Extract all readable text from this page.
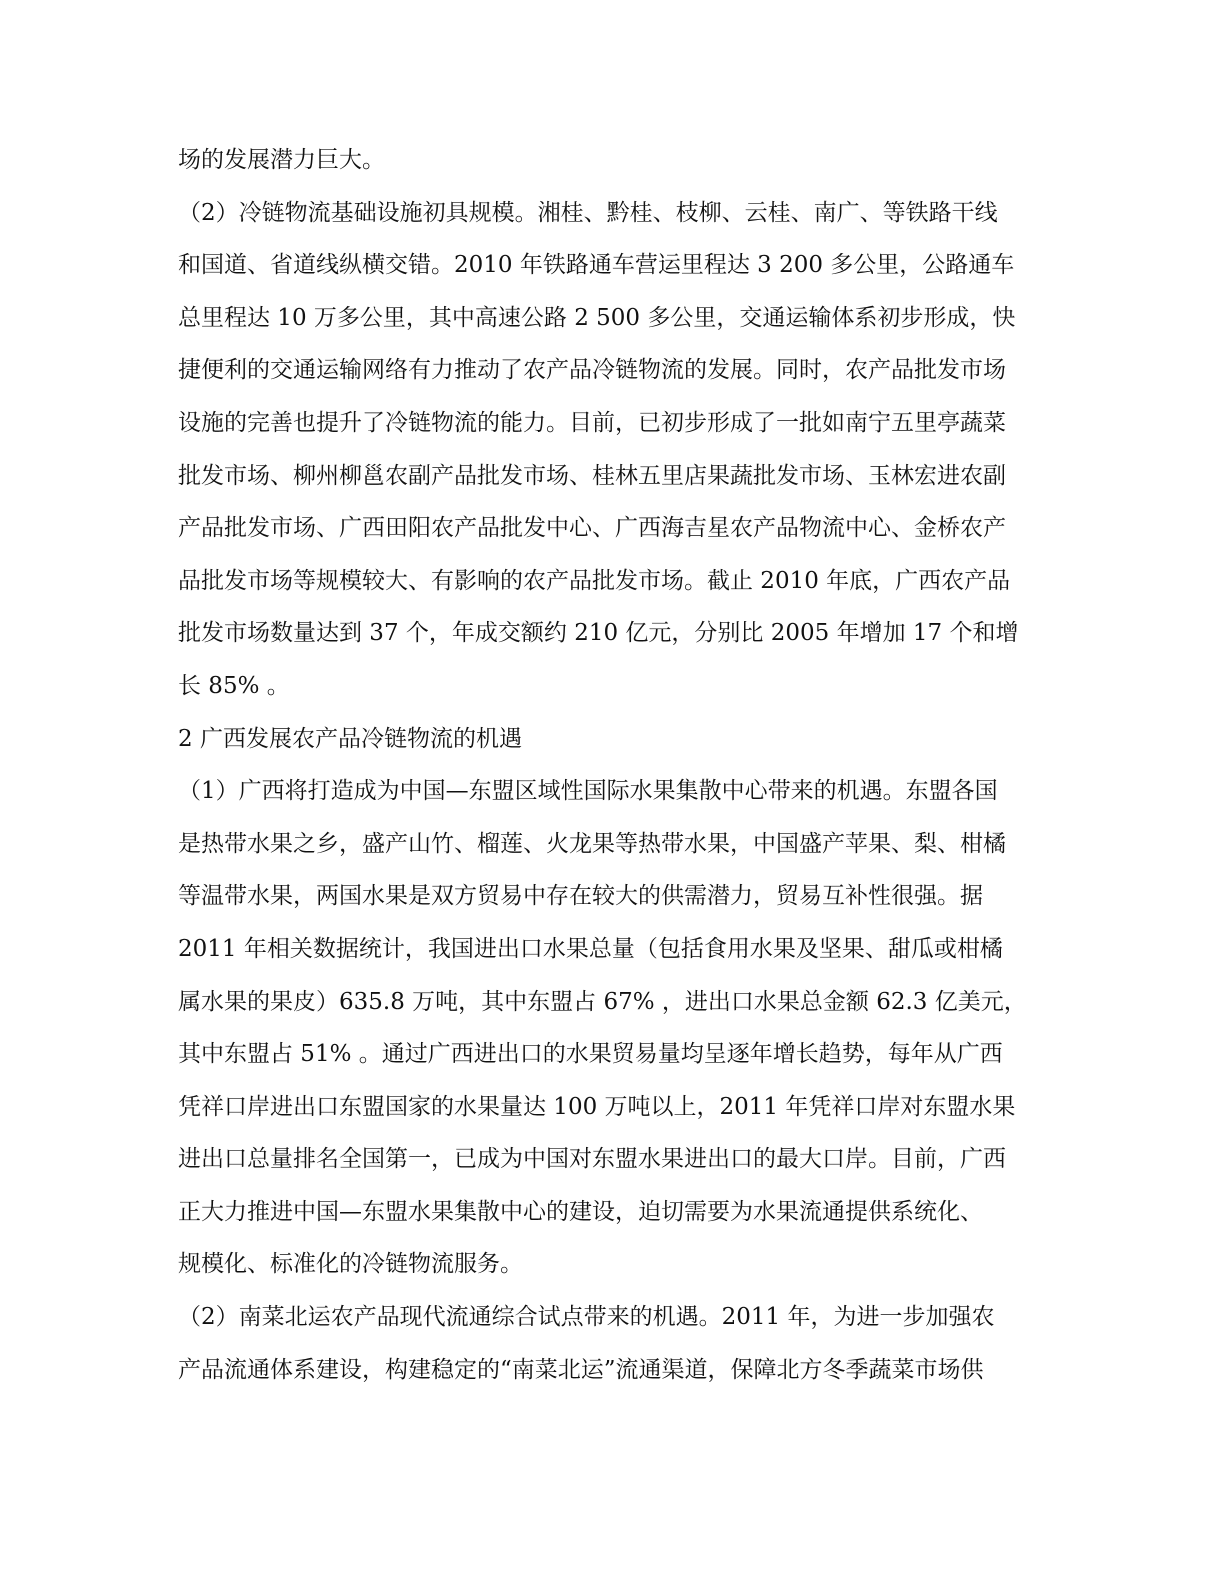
场的发展潜力巨大。
（2）冷链物流基础设施初具规模。湘桂、黔桂、枝柳、云桂、南广、等铁路干线
和国道、省道线纵横交错。2010 年铁路通车营运里程达 3 200 多公里，公路通车
总里程达 10 万多公里，其中高速公路 2 500 多公里，交通运输体系初步形成，快
捷便利的交通运输网络有力推动了农产品冷链物流的发展。同时，农产品批发市场
设施的完善也提升了冷链物流的能力。目前，已初步形成了一批如南宁五里亭蔬菜
批发市场、柳州柳邕农副产品批发市场、桂林五里店果蔬批发市场、玉林宏进农副
产品批发市场、广西田阳农产品批发中心、广西海吉星农产品物流中心、金桥农产
品批发市场等规模较大、有影响的农产品批发市场。截止 2010 年底，广西农产品
批发市场数量达到 37 个，年成交额约 210 亿元，分别比 2005 年增加 17 个和增
长 85% 。
2 广西发展农产品冷链物流的机遇
（1）广西将打造成为中国—东盟区域性国际水果集散中心带来的机遇。东盟各国
是热带水果之乡，盛产山竹、榴莲、火龙果等热带水果，中国盛产苹果、梨、柑橘
等温带水果，两国水果是双方贸易中存在较大的供需潜力，贸易互补性很强。据
2011 年相关数据统计，我国进出口水果总量（包括食用水果及坚果、甜瓜或柑橘
属水果的果皮）635.8 万吨，其中东盟占 67% ，进出口水果总金额 62.3 亿美元，
其中东盟占 51% 。通过广西进出口的水果贸易量均呈逐年增长趋势，每年从广西
凭祥口岸进出口东盟国家的水果量达 100 万吨以上，2011 年凭祥口岸对东盟水果
进出口总量排名全国第一，已成为中国对东盟水果进出口的最大口岸。目前，广西
正大力推进中国—东盟水果集散中心的建设，迫切需要为水果流通提供系统化、
规模化、标准化的冷链物流服务。
（2）南菜北运农产品现代流通综合试点带来的机遇。2011 年，为进一步加强农
产品流通体系建设，构建稳定的“南菜北运”流通渠道，保障北方冬季蔬菜市场供
